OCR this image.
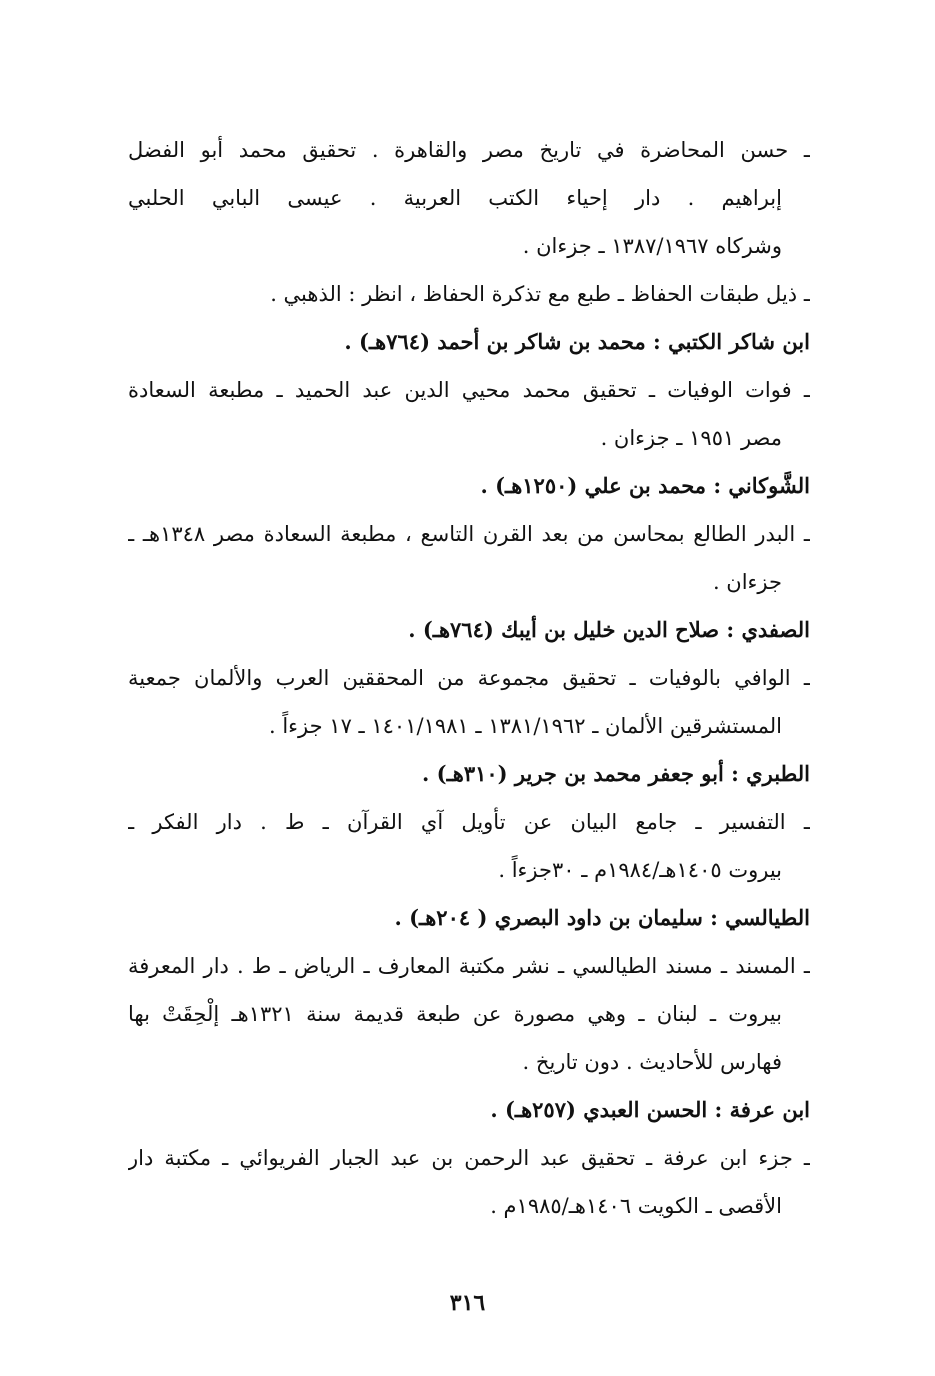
ـ حسن المحاضرة في تاريخ مصر والقاهرة . تحقيق محمد أبو الفضل
إبراهيم . دار إحياء الكتب العربية . عيسى البابي الحلبي
وشركاه ١٣٨٧/١٩٦٧ ـ جزءان .
ـ ذيل طبقات الحفاظ ـ طبع مع تذكرة الحفاظ ، انظر : الذهبي .
ابن شاكر الكتبي : محمد بن شاكر بن أحمد (٧٦٤هـ) .
ـ فوات الوفيات ـ تحقيق محمد محيي الدين عبد الحميد ـ مطبعة السعادة
مصر ١٩٥١ ـ جزءان .
الشَّوكاني : محمد بن علي (١٢٥٠هـ) .
ـ البدر الطالع بمحاسن من بعد القرن التاسع ، مطبعة السعادة مصر ١٣٤٨هـ ـ
جزءان .
الصفدي : صلاح الدين خليل بن أيبك (٧٦٤هـ) .
ـ الوافي بالوفيات ـ تحقيق مجموعة من المحققين العرب والألمان جمعية
المستشرقين الألمان ـ ١٣٨١/١٩٦٢ ـ ١٤٠١/١٩٨١ ـ ١٧ جزءاً .
الطبري : أبو جعفر محمد بن جرير (٣١٠هـ) .
ـ التفسير ـ جامع البيان عن تأويل آي القرآن ـ ط . دار الفكر ـ
بيروت ١٤٠٥هـ/١٩٨٤م ـ ٣٠جزءاً .
الطيالسي : سليمان بن داود البصري ( ٢٠٤هـ) .
ـ المسند ـ مسند الطيالسي ـ نشر مكتبة المعارف ـ الرياض ـ ط . دار المعرفة
بيروت ـ لبنان ـ وهي مصورة عن طبعة قديمة سنة ١٣٢١هـ إلْحِقَتْ بها
فهارس للأحاديث . دون تاريخ .
ابن عرفة : الحسن العبدي (٢٥٧هـ) .
ـ جزء ابن عرفة ـ تحقيق عبد الرحمن بن عبد الجبار الفريوائي ـ مكتبة دار
الأقصى ـ الكويت ١٤٠٦هـ/١٩٨٥م .
٣١٦
